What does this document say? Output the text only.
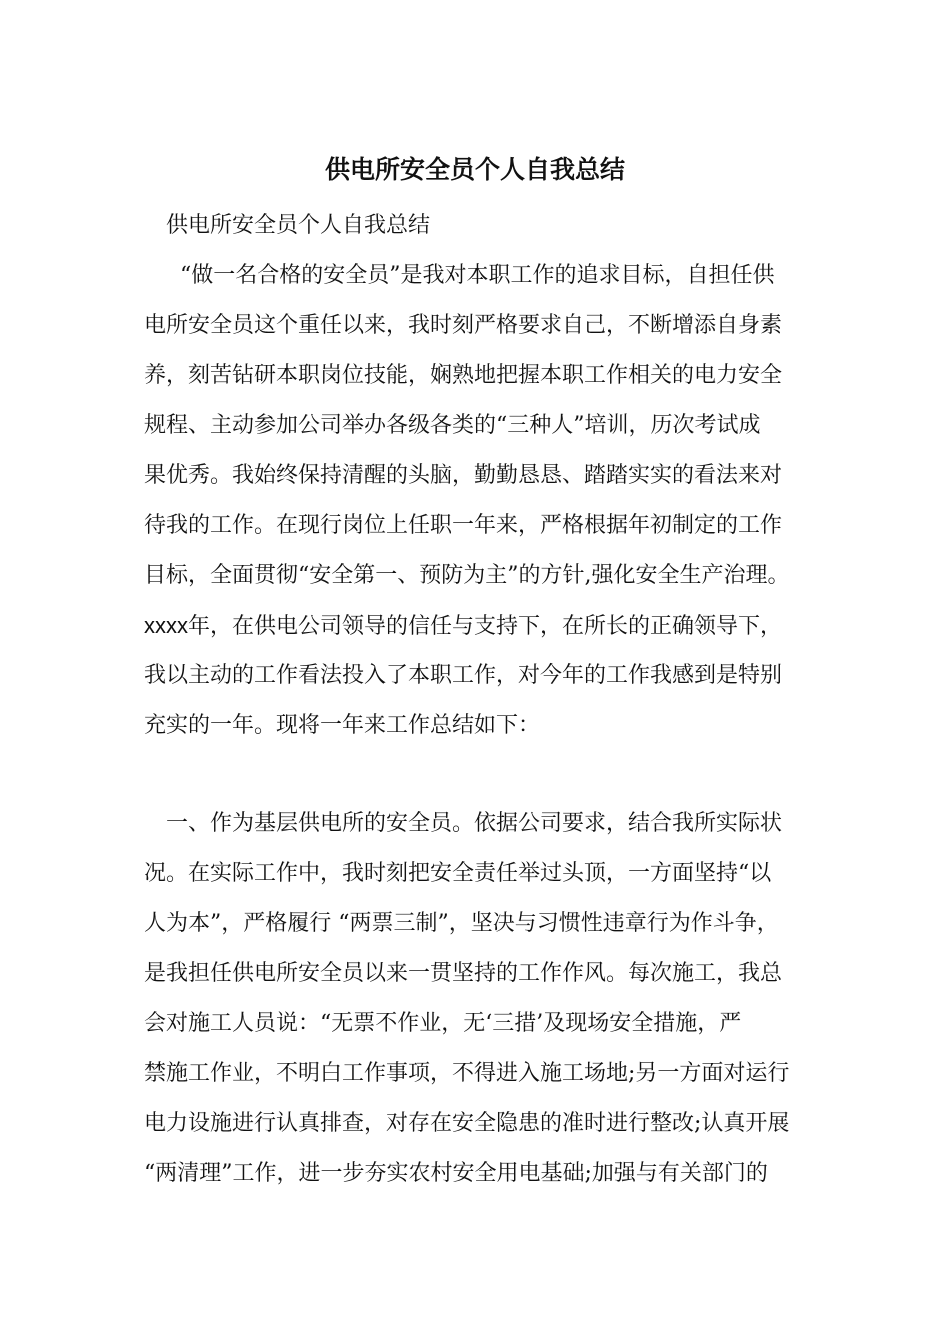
供电所安全员个人自我总结

供电所安全员个人自我总结

“做一名合格的安全员”是我对本职工作的追求目标，自担任供

电所安全员这个重任以来，我时刻严格要求自己，不断增添自身素

养，刻苦钻研本职岗位技能，娴熟地把握本职工作相关的电力安全

规程、主动参加公司举办各级各类的“三种人”培训，历次考试成

果优秀。我始终保持清醒的头脑，勤勤恳恳、踏踏实实的看法来对

待我的工作。在现行岗位上任职一年来，严格根据年初制定的工作

目标，全面贯彻“安全第一、预防为主”的方针,强化安全生产治理。

xxxx年，在供电公司领导的信任与支持下，在所长的正确领导下，

我以主动的工作看法投入了本职工作，对今年的工作我感到是特别

充实的一年。现将一年来工作总结如下：

一、作为基层供电所的安全员。依据公司要求，结合我所实际状

况。在实际工作中，我时刻把安全责任举过头顶，一方面坚持“以

人为本”，严格履行 “两票三制”，坚决与习惯性违章行为作斗争，

是我担任供电所安全员以来一贯坚持的工作作风。每次施工，我总

会对施工人员说：“无票不作业，无‘三措’及现场安全措施，严

禁施工作业，不明白工作事项，不得进入施工场地;另一方面对运行

电力设施进行认真排查，对存在安全隐患的准时进行整改;认真开展

“两清理”工作，进一步夯实农村安全用电基础;加强与有关部门的
